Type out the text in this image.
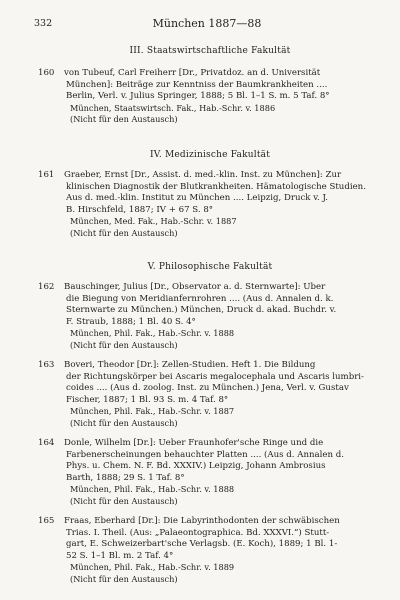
332	München 1887—88
III. Staatswirtschaftliche Fakultät
160 von Tubeuf, Carl Freiherr [Dr., Privatdoz. an d. Universität
München]: Beiträge zur Kenntniss der Baumkrankheiten ....
Berlin, Verl. v. Julius Springer, 1888; 5 Bl. 1–1 S. m. 5 Taf. 8°
München, Staatswirtsch. Fak., Hab.-Schr. v. 1886
(Nicht für den Austausch)
IV. Medizinische Fakultät
161 Graeber, Ernst [Dr., Assist. d. med.-klin. Inst. zu München]: Zur
klinischen Diagnostik der Blutkrankheiten. Hämatologische Studien.
Aus d. med.-klin. Institut zu München .... Leipzig, Druck v. J.
B. Hirschfeld, 1887; IV + 67 S. 8°
München, Med. Fak., Hab.-Schr. v. 1887
(Nicht für den Austausch)
V. Philosophische Fakultät
162 Bauschinger, Julius [Dr., Observator a. d. Sternwarte]: Über
die Biegung von Meridianfernrohren .... (Aus d. Annalen d. k.
Sternwarte zu München.) München, Druck d. akad. Buchdr. v.
F. Straub, 1888; 1 Bl. 40 S. 4°
München, Phil. Fak., Hab.-Schr. v. 1888
(Nicht für den Austausch)
163 Boveri, Theodor [Dr.]: Zellen-Studien. Heft 1. Die Bildung
der Richtungskörper bei Ascaris megalocephala und Ascaris lumbri-
coides .... (Aus d. zoolog. Inst. zu München.) Jena, Verl. v. Gustav
Fischer, 1887; 1 Bl. 93 S. m. 4 Taf. 8°
München, Phil. Fak., Hab.-Schr. v. 1887
(Nicht für den Austausch)
164 Donle, Wilhelm [Dr.]: Ueber Fraunhofer'sche Ringe und die
Farbenerscheinungen behauchter Platten .... (Aus d. Annalen d.
Phys. u. Chem. N. F. Bd. XXXIV.) Leipzig, Johann Ambrosius
Barth, 1888; 29 S. 1 Taf. 8°
München, Phil. Fak., Hab.-Schr. v. 1888
(Nicht für den Austausch)
165 Fraas, Eberhard [Dr.]: Die Labyrinthodonten der schwäbischen
Trias. I. Theil. (Aus: „Palaeontographica. Bd. XXXVI.“) Stutt-
gart, E. Schweizerbart'sche Verlagsb. (E. Koch), 1889; 1 Bl. 1-
52 S. 1–1 Bl. m. 2 Taf. 4°
München, Phil. Fak., Hab.-Schr. v. 1889
(Nicht für den Austausch)
